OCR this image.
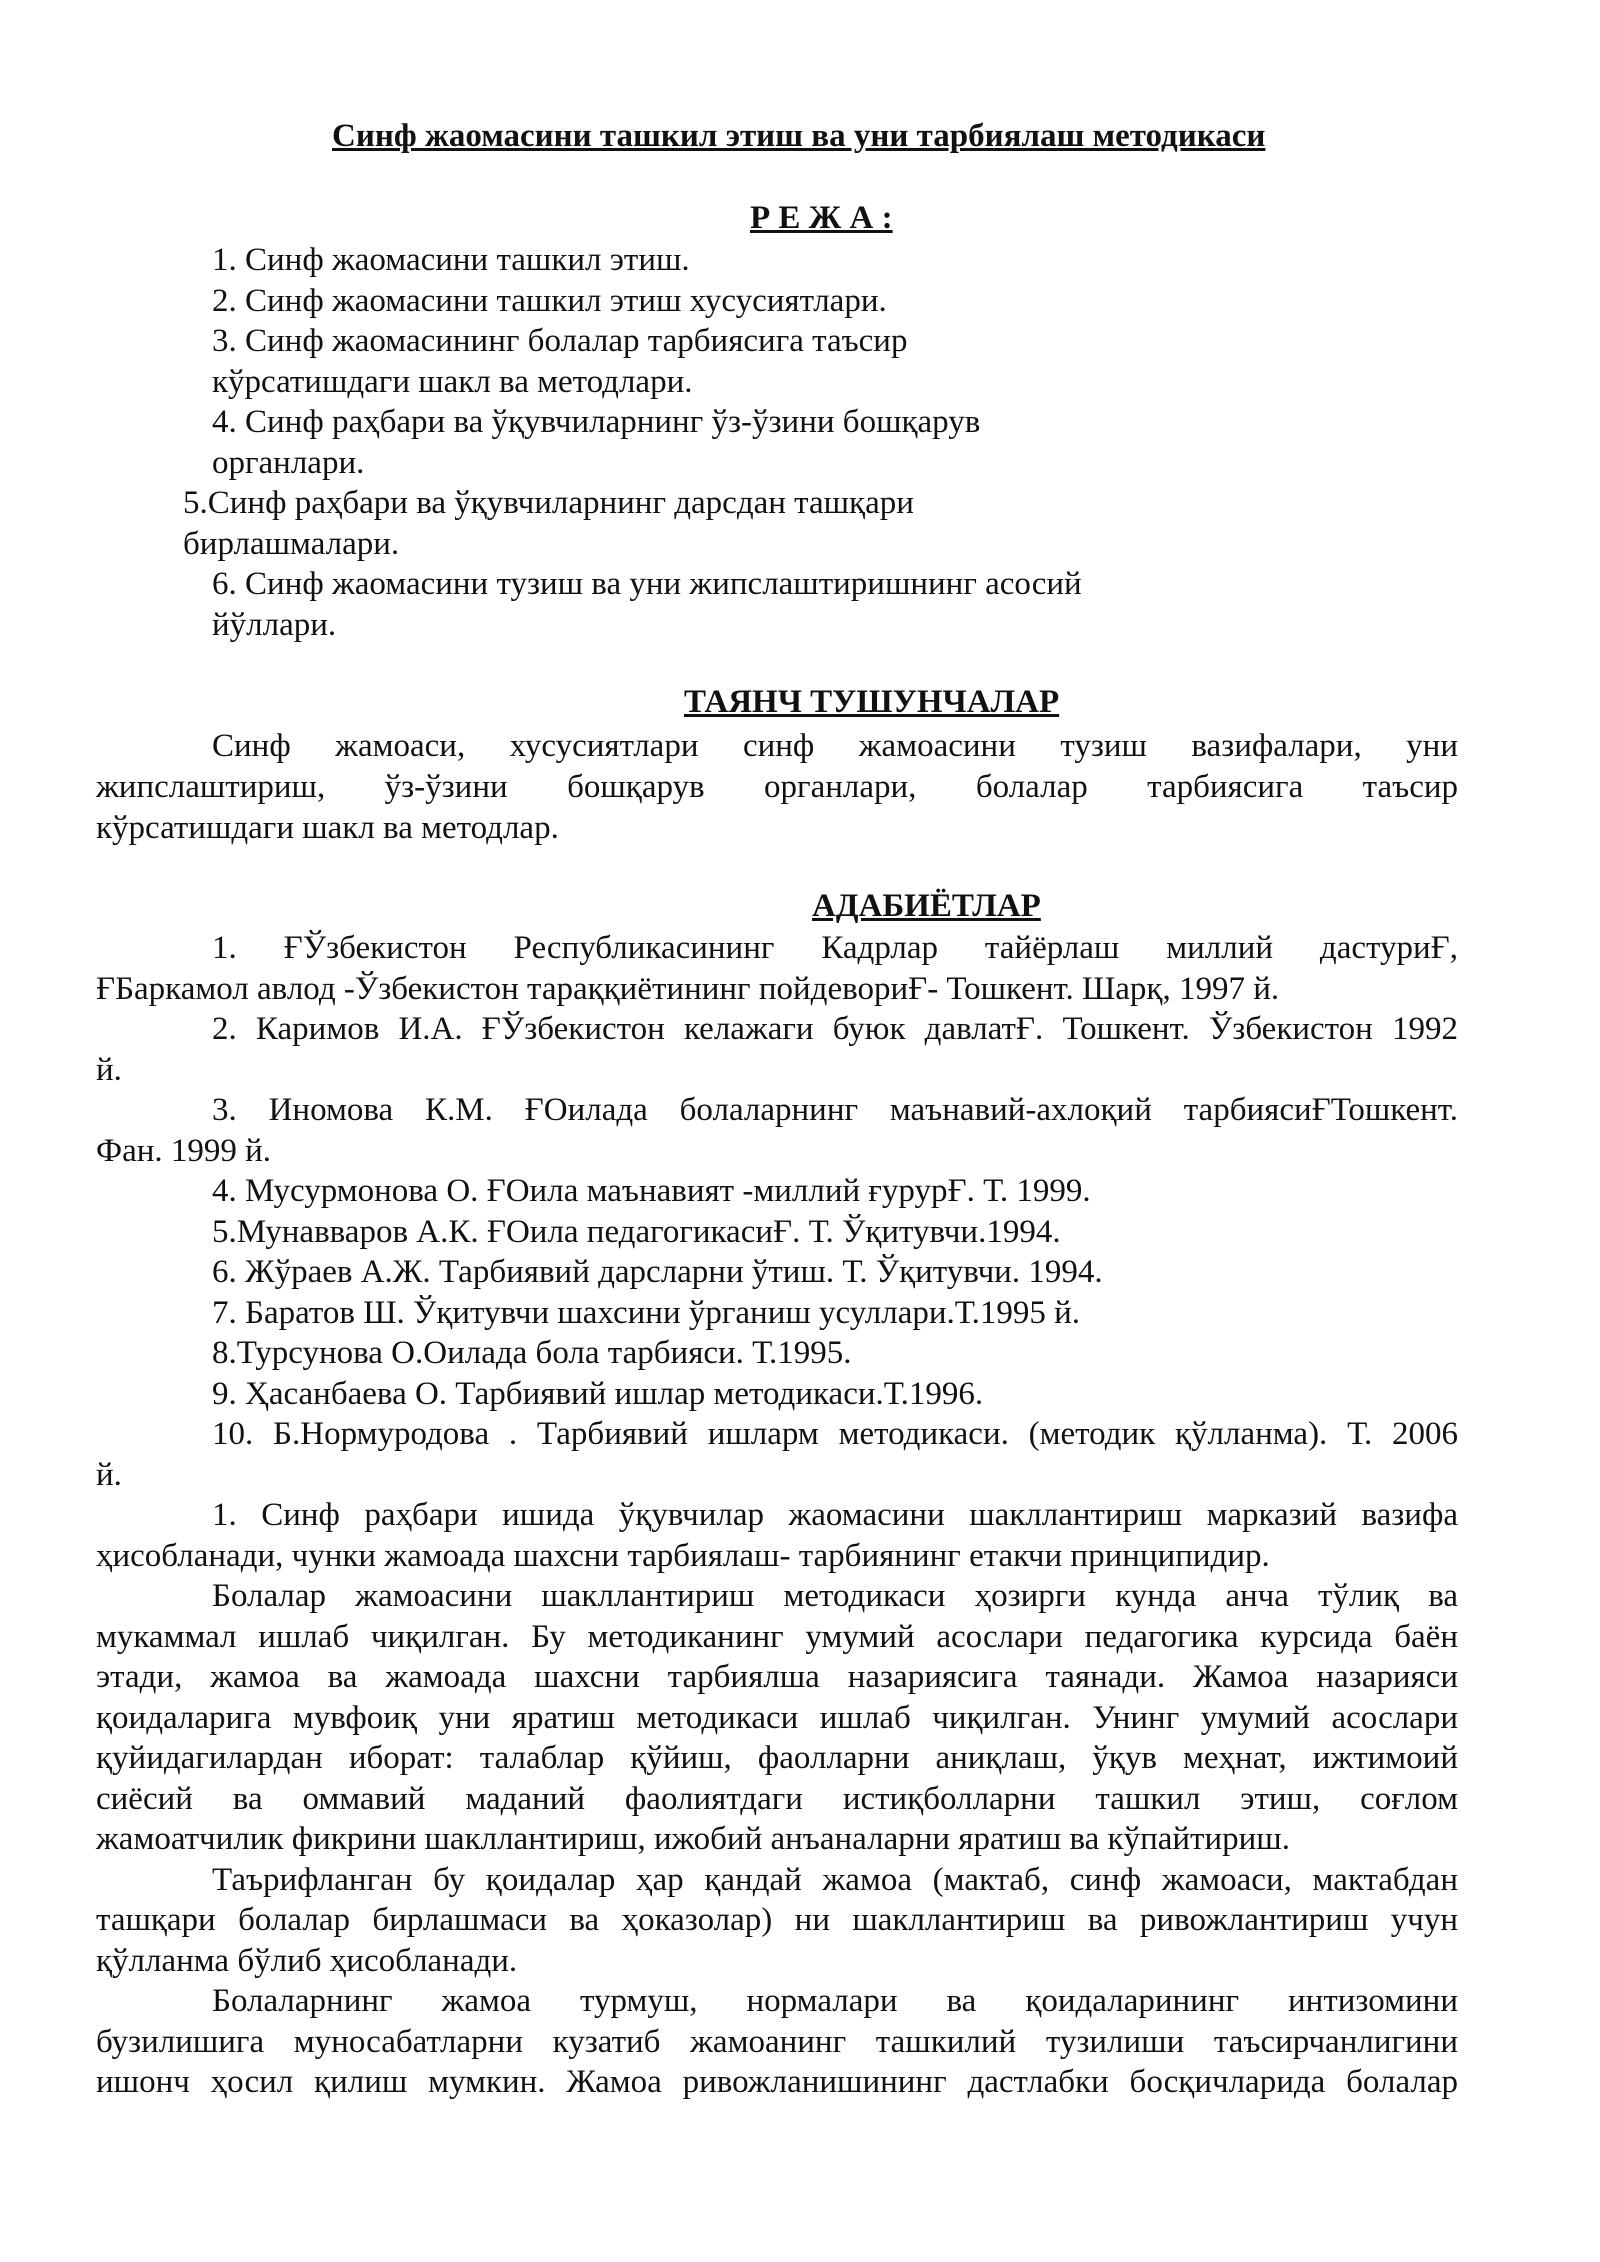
Синф жаомасини ташкил этиш ва уни тарбиялаш методикаси

Р Е Ж А :

1. Синф жаомасини ташкил этиш.

2. Синф жаомасини ташкил этиш хусусиятлари.

3. Синф жаомасининг болалар тарбиясига таъсир

кўрсатишдаги шакл ва методлари.

4. Синф раҳбари ва ўқувчиларнинг ўз-ўзини бошқарув

органлари.

5.Синф раҳбари ва ўқувчиларнинг дарсдан ташқари

бирлашмалари.

6. Синф жаомасини тузиш ва уни жипслаштиришнинг асосий

йўллари.

ТАЯНЧ ТУШУНЧАЛАР

Синф жамоаси, хусусиятлари синф жамоасини тузиш вазифалари, уни

жипслаштириш, ўз-ўзини бошқарув органлари, болалар тарбиясига таъсир

кўрсатишдаги шакл ва методлар.

АДАБИЁТЛАР

1. ҒЎзбекистон Республикасининг Кадрлар тайёрлаш миллий дастуриҒ,

ҒБаркамол авлод -Ўзбекистон тараққиётининг пойдевориҒ- Тошкент. Шарқ, 1997 й.

2. Каримов И.А. ҒЎзбекистон келажаги буюк давлатҒ. Тошкент. Ўзбекистон 1992

й.

3. Иномова К.М. ҒОилада болаларнинг маънавий-ахлоқий тарбиясиҒТошкент.

Фан. 1999 й.

4. Мусурмонова О. ҒОила маънавият -миллий ғурурҒ. Т. 1999.

5.Мунавваров А.К. ҒОила педагогикасиҒ. Т. Ўқитувчи.1994.

6. Жўраев А.Ж. Тарбиявий дарсларни ўтиш. Т. Ўқитувчи. 1994.

7. Баратов Ш. Ўқитувчи шахсини ўрганиш усуллари.Т.1995 й.

8.Турсунова О.Оилада бола тарбияси. Т.1995.

9. Ҳасанбаева О. Тарбиявий ишлар методикаси.Т.1996.

10. Б.Нормуродова . Тарбиявий ишларм методикаси. (методик қўлланма). Т. 2006

й.

1. Синф раҳбари ишида ўқувчилар жаомасини шакллантириш марказий вазифа

ҳисобланади, чунки жамоада шахсни тарбиялаш- тарбиянинг етакчи принципидир.

Болалар жамоасини шакллантириш методикаси ҳозирги кунда анча тўлиқ ва

мукаммал ишлаб чиқилган. Бу методиканинг умумий асослари педагогика курсида баён

этади, жамоа ва жамоада шахсни тарбиялша назариясига таянади. Жамоа назарияси

қоидаларига мувфоиқ уни яратиш методикаси ишлаб чиқилган. Унинг умумий асослари

қуйидагилардан иборат: талаблар қўйиш, фаолларни аниқлаш, ўқув меҳнат, ижтимоий

сиёсий ва оммавий маданий фаолиятдаги истиқболларни ташкил этиш, соғлом

жамоатчилик фикрини шакллантириш, ижобий анъаналарни яратиш ва кўпайтириш.

Таърифланган бу қоидалар ҳар қандай жамоа (мактаб, синф жамоаси, мактабдан

ташқари болалар бирлашмаси ва ҳоказолар) ни шакллантириш ва ривожлантириш учун

қўлланма бўлиб ҳисобланади.

Болаларнинг жамоа турмуш, нормалари ва қоидаларининг интизомини

бузилишига муносабатларни кузатиб жамоанинг ташкилий тузилиши таъсирчанлигини

ишонч ҳосил қилиш мумкин. Жамоа ривожланишининг дастлабки босқичларида болалар
